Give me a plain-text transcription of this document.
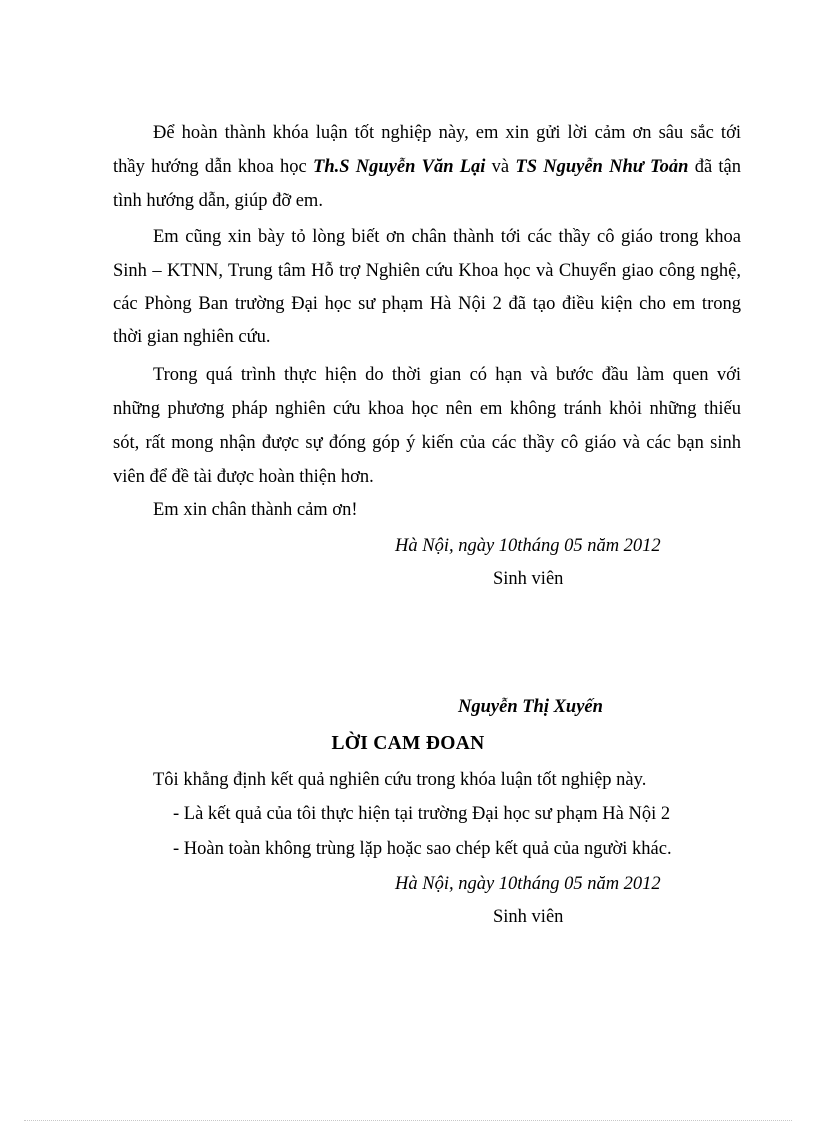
Để hoàn thành khóa luận tốt nghiệp này, em xin gửi lời cảm ơn sâu sắc tới
thầy hướng dẫn khoa học Th.S Nguyễn Văn Lại và TS Nguyễn Như Toản đã tận
tình hướng dẫn, giúp đỡ em.
Em cũng xin bày tỏ lòng biết ơn chân thành tới các thầy cô giáo trong khoa
Sinh – KTNN, Trung tâm Hỗ trợ Nghiên cứu Khoa học và Chuyển giao công nghệ,
các Phòng Ban trường Đại học sư phạm Hà Nội 2 đã tạo điều kiện cho em trong
thời gian nghiên cứu.
Trong quá trình thực hiện do thời gian có hạn và bước đầu làm quen với
những phương pháp nghiên cứu khoa học nên em không tránh khỏi những thiếu
sót, rất mong nhận được sự đóng góp ý kiến của các thầy cô giáo và các bạn sinh
viên để đề tài được hoàn thiện hơn.
Em xin chân thành cảm ơn!
Hà Nội, ngày 10tháng 05 năm 2012
Sinh viên
Nguyễn Thị Xuyến
LỜI CAM ĐOAN
Tôi khẳng định kết quả nghiên cứu trong khóa luận tốt nghiệp này.
- Là kết quả của tôi thực hiện tại trường Đại học sư phạm Hà Nội 2
- Hoàn toàn không trùng lặp hoặc sao chép kết quả của người khác.
Hà Nội, ngày 10tháng 05 năm 2012
Sinh viên
